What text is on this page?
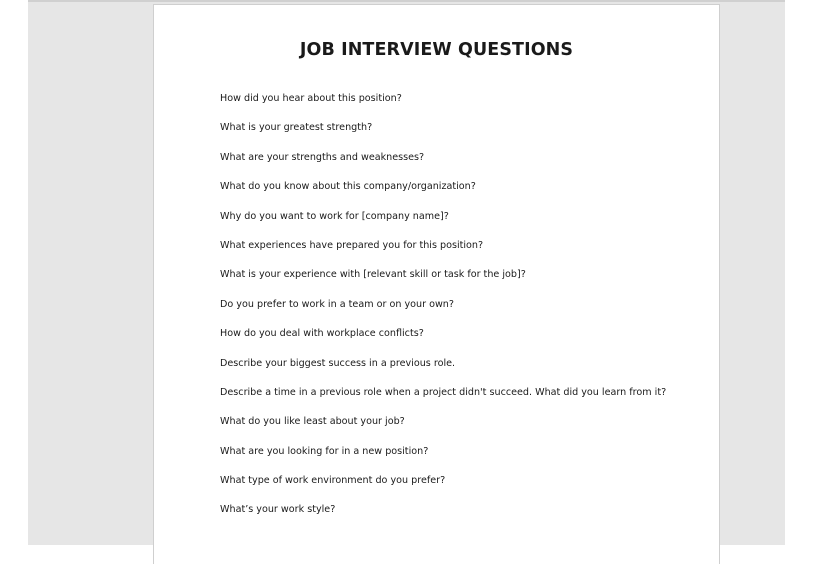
JOB INTERVIEW QUESTIONS
How did you hear about this position?
What is your greatest strength?
What are your strengths and weaknesses?
What do you know about this company/organization?
Why do you want to work for [company name]?
What experiences have prepared you for this position?
What is your experience with [relevant skill or task for the job]?
Do you prefer to work in a team or on your own?
How do you deal with workplace conflicts?
Describe your biggest success in a previous role.
Describe a time in a previous role when a project didn't succeed. What did you learn from it?
What do you like least about your job?
What are you looking for in a new position?
What type of work environment do you prefer?
What’s your work style?
